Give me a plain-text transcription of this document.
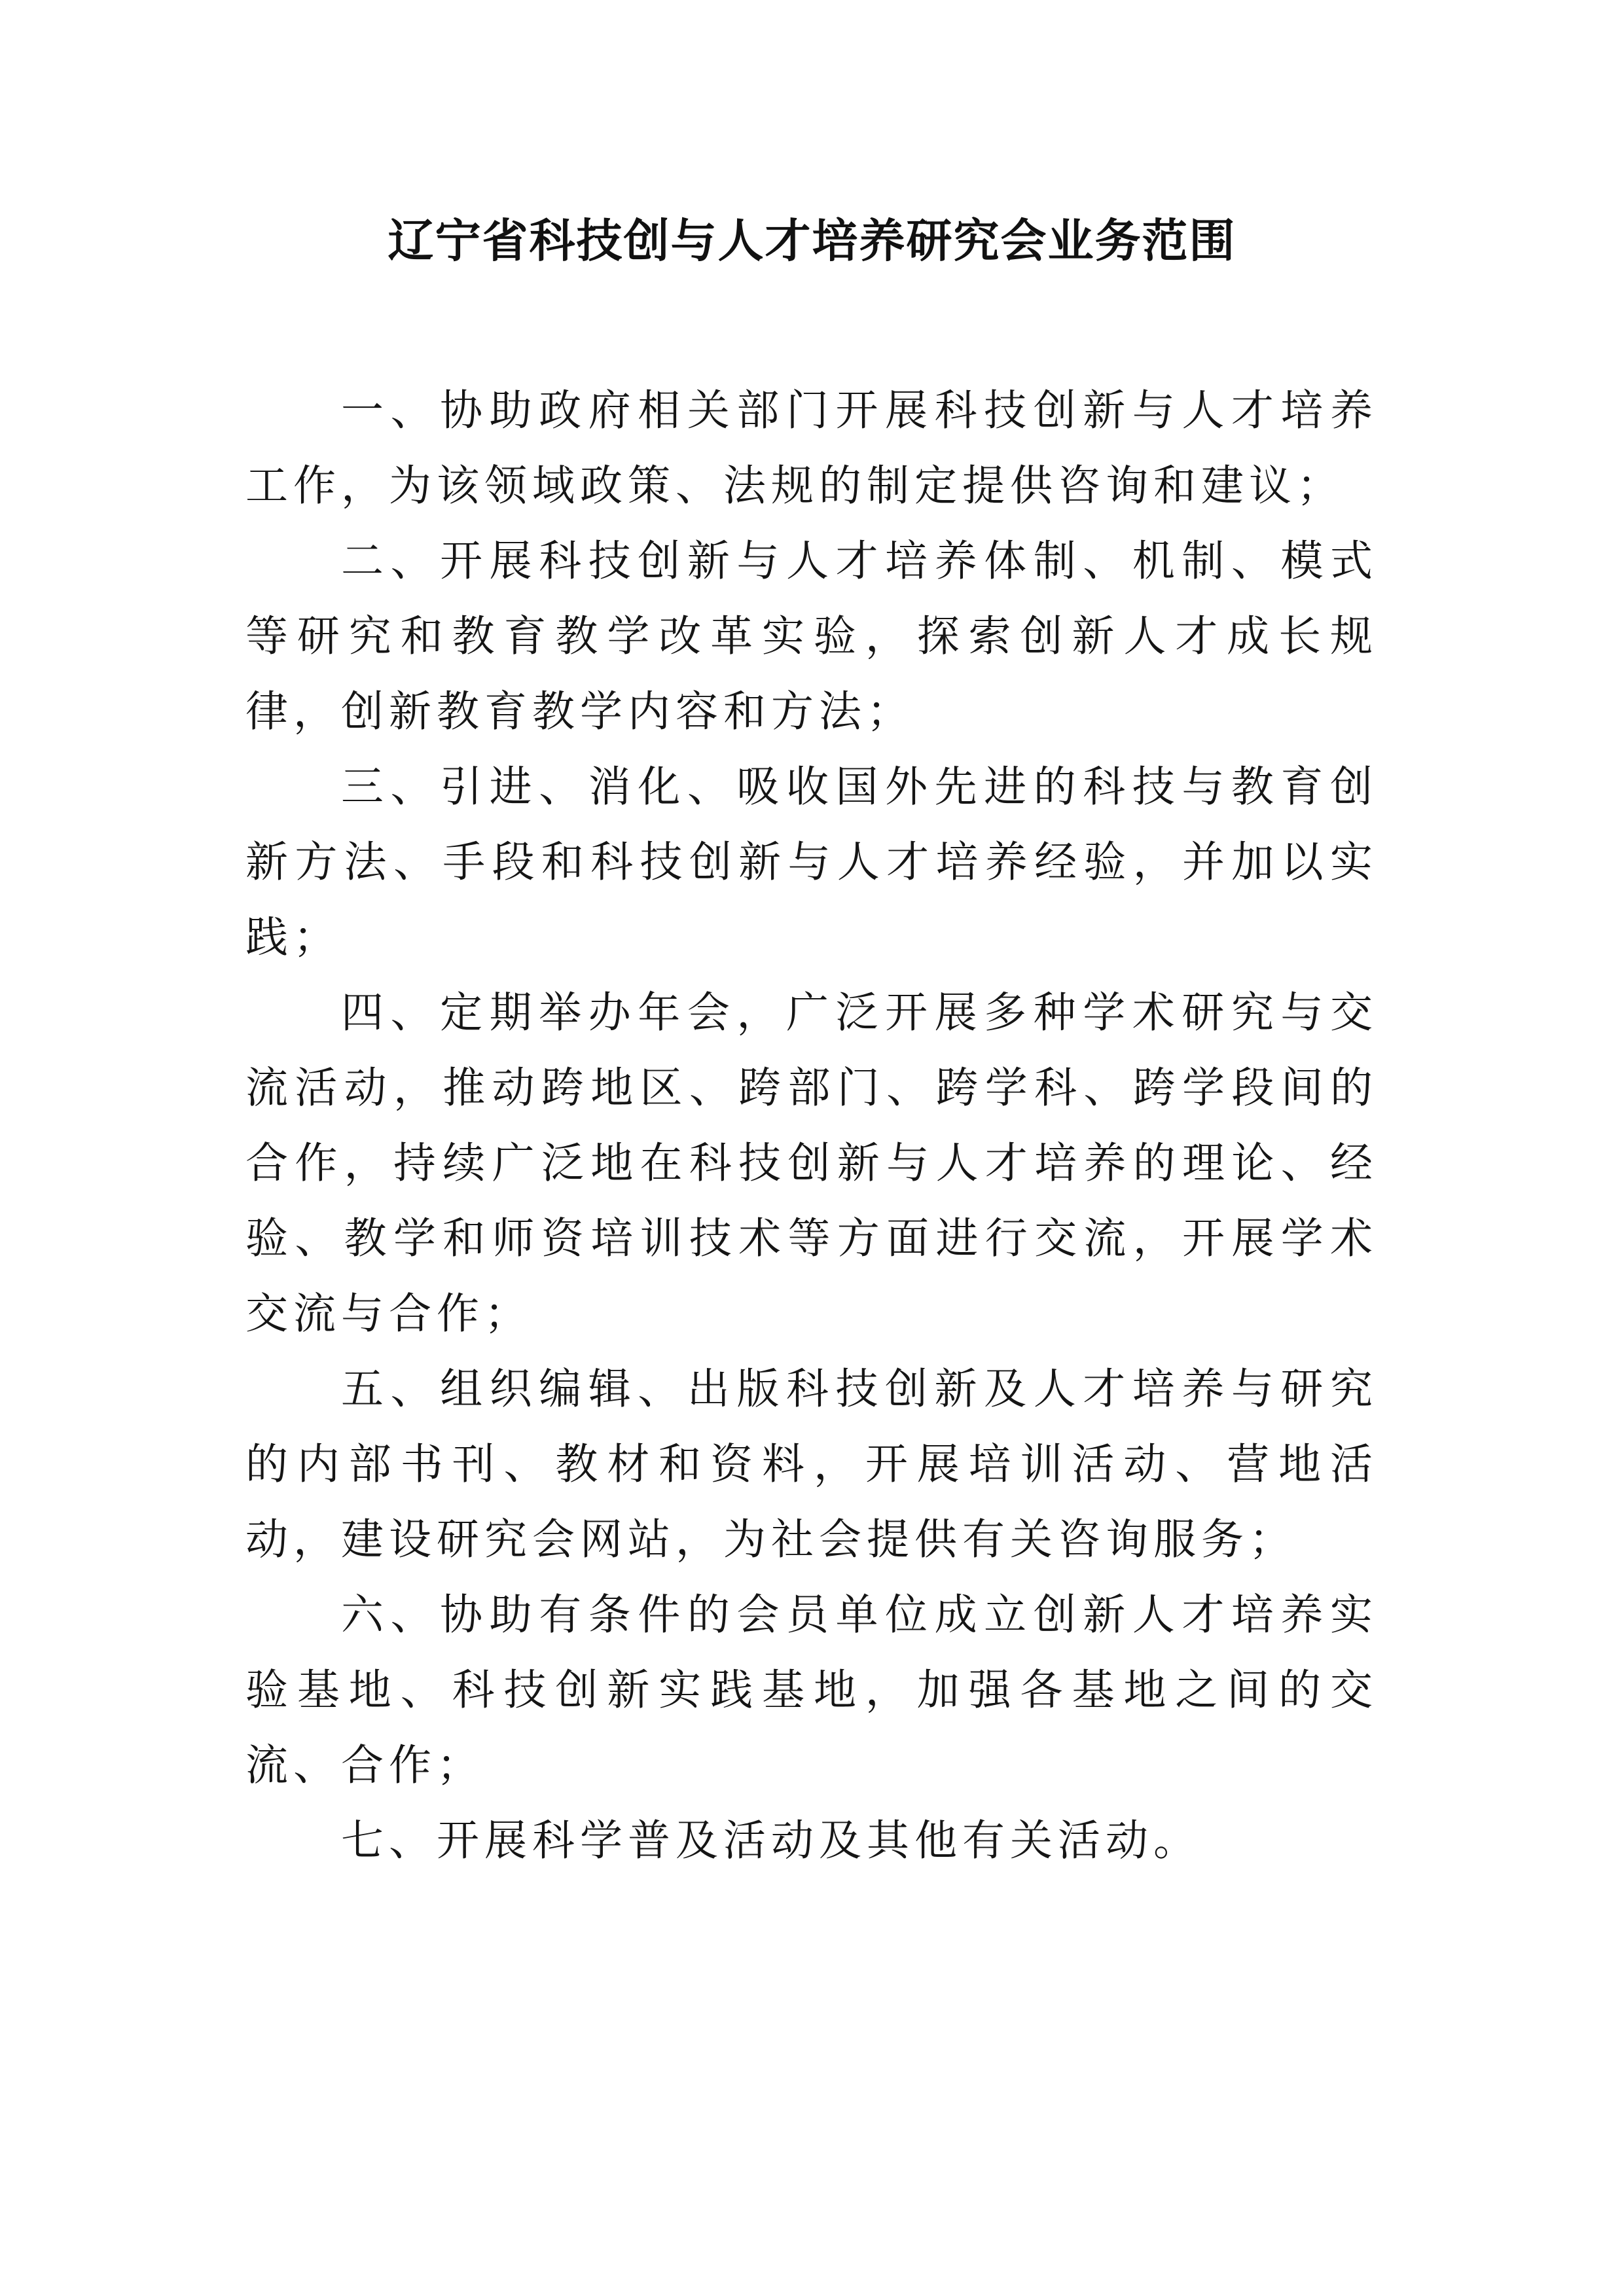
辽宁省科技创与人才培养研究会业务范围

一、协助政府相关部门开展科技创新与人才培养工作，为该领域政策、法规的制定提供咨询和建议；

二、开展科技创新与人才培养体制、机制、模式等研究和教育教学改革实验，探索创新人才成长规律，创新教育教学内容和方法；

三、引进、消化、吸收国外先进的科技与教育创新方法、手段和科技创新与人才培养经验，并加以实践；

四、定期举办年会，广泛开展多种学术研究与交流活动，推动跨地区、跨部门、跨学科、跨学段间的合作，持续广泛地在科技创新与人才培养的理论、经验、教学和师资培训技术等方面进行交流，开展学术交流与合作；

五、组织编辑、出版科技创新及人才培养与研究的内部书刊、教材和资料，开展培训活动、营地活动，建设研究会网站，为社会提供有关咨询服务；

六、协助有条件的会员单位成立创新人才培养实验基地、科技创新实践基地，加强各基地之间的交流、合作；

七、开展科学普及活动及其他有关活动。
